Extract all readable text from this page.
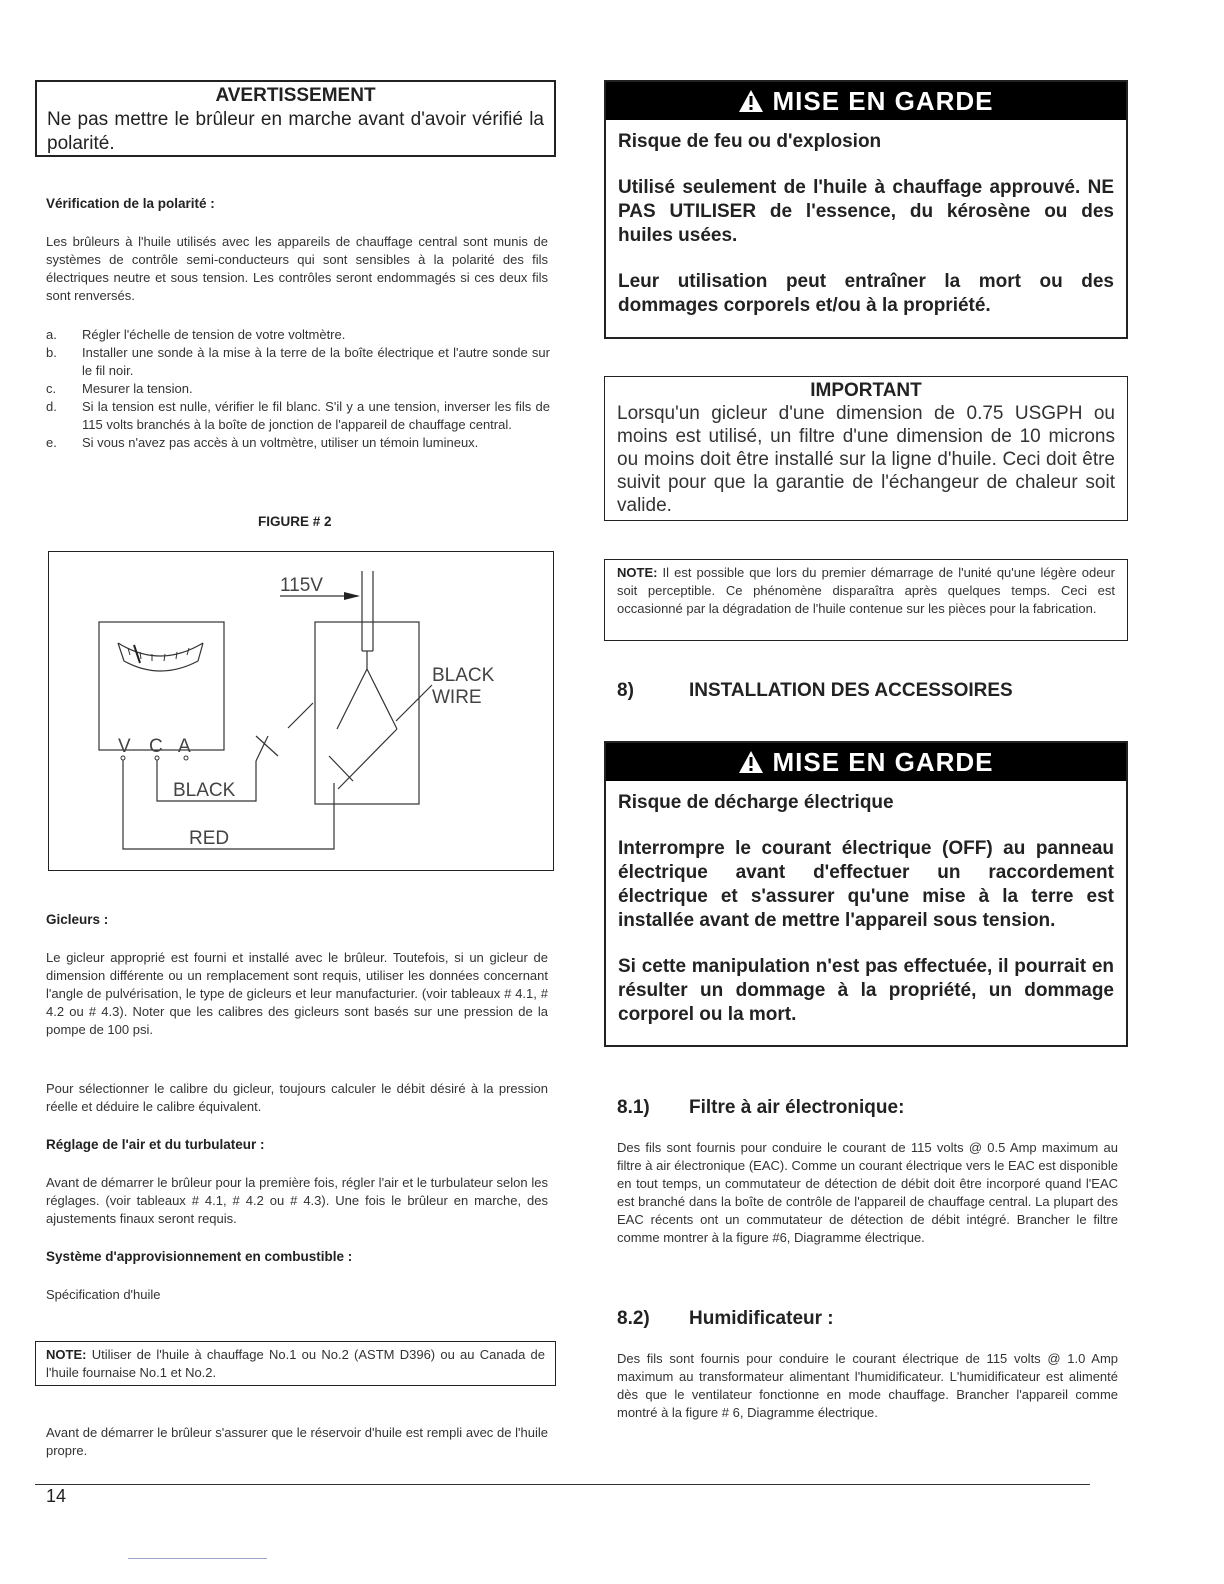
AVERTISSEMENT
Ne pas mettre le brûleur en marche avant d'avoir vérifié la polarité.
Vérification de la polarité :
Les brûleurs à l'huile utilisés avec les appareils de chauffage central sont munis de systèmes de contrôle semi-conducteurs qui sont sensibles à la polarité des fils électriques neutre et sous tension. Les contrôles seront endommagés si ces deux fils sont renversés.
a. Régler l'échelle de tension de votre voltmètre.
b. Installer une sonde à la mise à la terre de la boîte électrique et l'autre sonde sur le fil noir.
c. Mesurer la tension.
d. Si la tension est nulle, vérifier le fil blanc. S'il y a une tension, inverser les fils de 115 volts branchés à la boîte de jonction de l'appareil de chauffage central.
e. Si vous n'avez pas accès à un voltmètre, utiliser un témoin lumineux.
FIGURE # 2
V C A
115V
BLACK
WIRE
BLACK
RED
Gicleurs :
Le gicleur approprié est fourni et installé avec le brûleur. Toutefois, si un gicleur de dimension différente ou un remplacement sont requis, utiliser les données concernant l'angle de pulvérisation, le type de gicleurs et leur manufacturier. (voir tableaux # 4.1, # 4.2 ou # 4.3). Noter que les calibres des gicleurs sont basés sur une pression de la pompe de 100 psi.
Pour sélectionner le calibre du gicleur, toujours calculer le débit désiré à la pression réelle et déduire le calibre équivalent.
Réglage de l'air et du turbulateur :
Avant de démarrer le brûleur pour la première fois, régler l'air et le turbulateur selon les réglages. (voir tableaux # 4.1, # 4.2 ou # 4.3). Une fois le brûleur en marche, des ajustements finaux seront requis.
Système d'approvisionnement en combustible :
Spécification d'huile
NOTE: Utiliser de l'huile à chauffage No.1 ou No.2 (ASTM D396) ou au Canada de l'huile fournaise No.1 et No.2.
Avant de démarrer le brûleur s'assurer que le réservoir d'huile est rempli avec de l'huile propre.
MISE EN GARDE

Risque de feu ou d'explosion

Utilisé seulement de l'huile à chauffage approuvé. NE PAS UTILISER de l'essence, du kérosène ou des huiles usées.

Leur utilisation peut entraîner la mort ou des dommages corporels et/ou à la propriété.

IMPORTANT
Lorsqu'un gicleur d'une dimension de 0.75 USGPH ou moins est utilisé, un filtre d'une dimension de 10 microns ou moins doit être installé sur la ligne d'huile. Ceci doit être suivit pour que la garantie de l'échangeur de chaleur soit valide.
NOTE: Il est possible que lors du premier démarrage de l'unité qu'une légère odeur soit perceptible. Ce phénomène disparaîtra après quelques temps. Ceci est occasionné par la dégradation de l'huile contenue sur les pièces pour la fabrication.
8)	INSTALLATION DES ACCESSOIRES
MISE EN GARDE

Risque de décharge électrique

Interrompre le courant électrique (OFF) au panneau électrique avant d'effectuer un raccordement électrique et s'assurer qu'une mise à la terre est installée avant de mettre l'appareil sous tension.

Si cette manipulation n'est pas effectuée, il pourrait en résulter un dommage à la propriété, un dommage corporel ou la mort.

8.1) Filtre à air électronique:
Des fils sont fournis pour conduire le courant de 115 volts @ 0.5 Amp maximum au filtre à air électronique (EAC). Comme un courant électrique vers le EAC est disponible en tout temps, un commutateur de détection de débit doit être incorporé quand l'EAC est branché dans la boîte de contrôle de l'appareil de chauffage central. La plupart des EAC récents ont un commutateur de détection de débit intégré. Brancher le filtre comme montrer à la figure #6, Diagramme électrique.
8.2) Humidificateur :
Des fils sont fournis pour conduire le courant électrique de 115 volts @ 1.0 Amp maximum au transformateur alimentant l'humidificateur. L'humidificateur est alimenté dès que le ventilateur fonctionne en mode chauffage. Brancher l'appareil comme montré à la figure # 6, Diagramme électrique.
14
